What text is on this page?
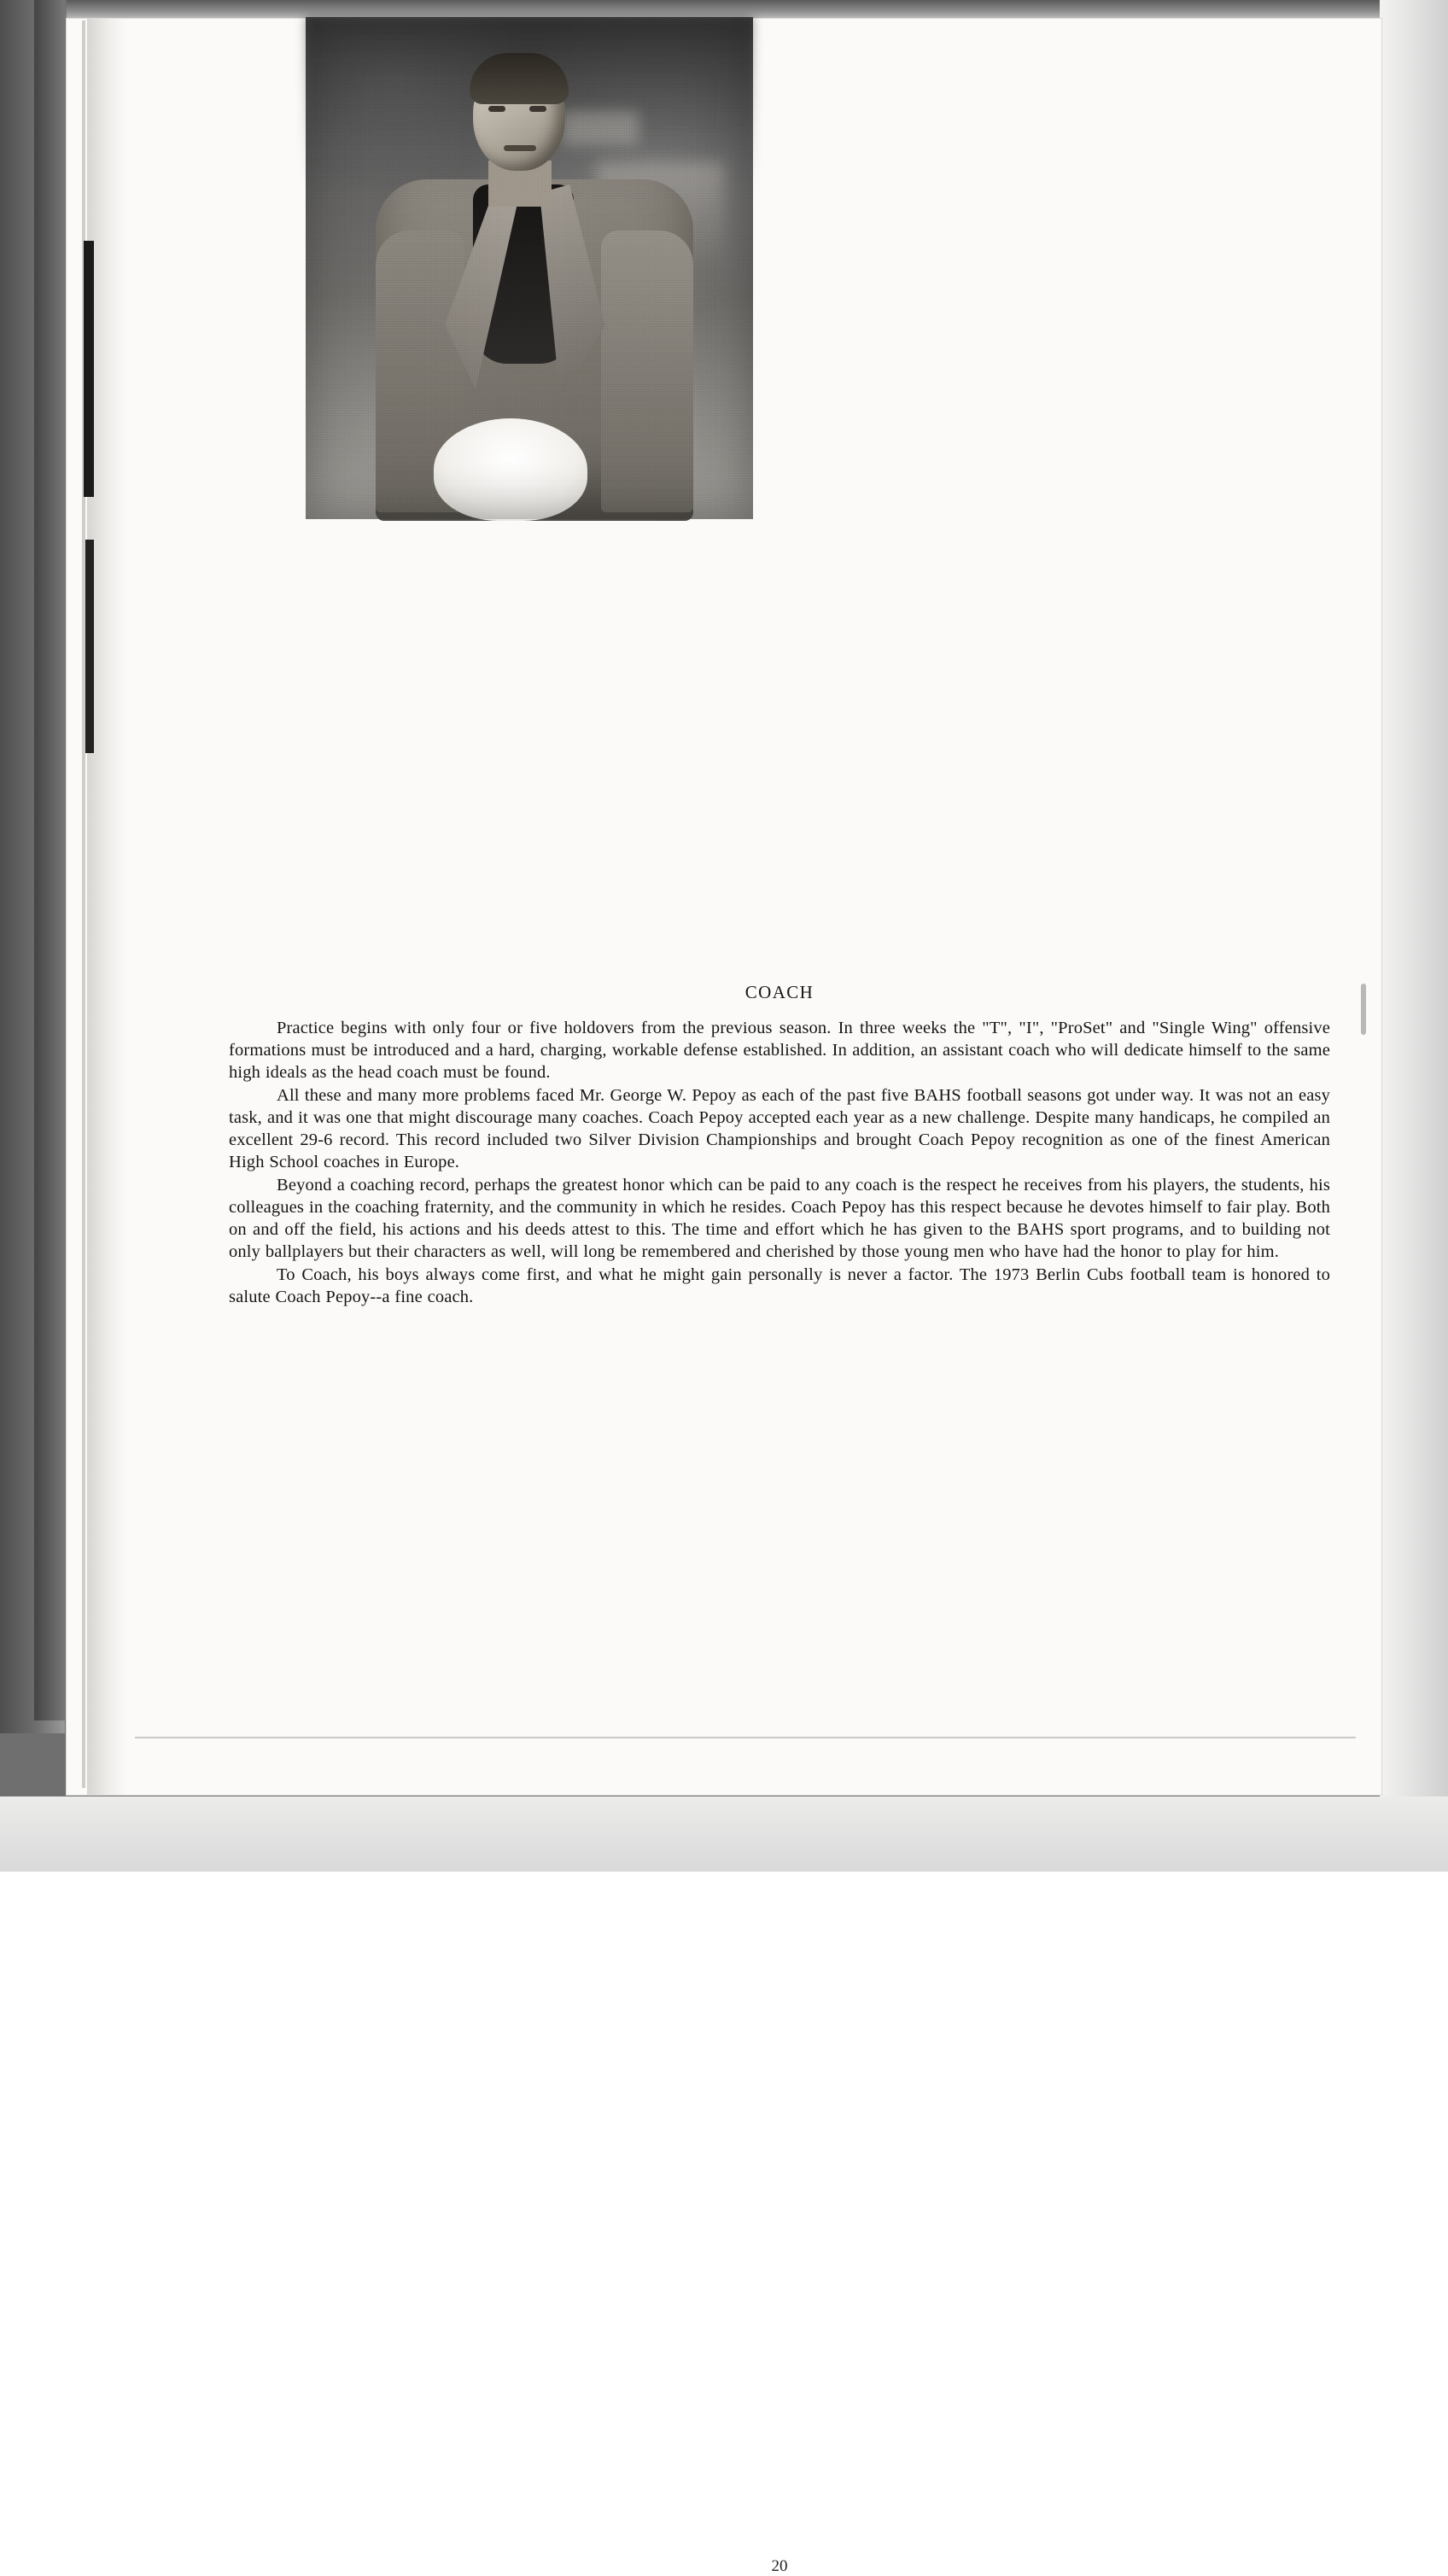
COACH

Practice begins with only four or five holdovers from the previous season. In three weeks the "T", "I", "ProSet" and "Single Wing" offensive formations must be introduced and a hard, charging, workable defense established. In addition, an assistant coach who will dedicate himself to the same high ideals as the head coach must be found.

All these and many more problems faced Mr. George W. Pepoy as each of the past five BAHS football seasons got under way. It was not an easy task, and it was one that might discourage many coaches. Coach Pepoy accepted each year as a new challenge. Despite many handicaps, he compiled an excellent 29-6 record. This record included two Silver Division Championships and brought Coach Pepoy recognition as one of the finest American High School coaches in Europe.

Beyond a coaching record, perhaps the greatest honor which can be paid to any coach is the respect he receives from his players, the students, his colleagues in the coaching fraternity, and the community in which he resides. Coach Pepoy has this respect because he devotes himself to fair play. Both on and off the field, his actions and his deeds attest to this. The time and effort which he has given to the BAHS sport programs, and to building not only ballplayers but their characters as well, will long be remembered and cherished by those young men who have had the honor to play for him.

To Coach, his boys always come first, and what he might gain personally is never a factor. The 1973 Berlin Cubs football team is honored to salute Coach Pepoy--a fine coach.

20
